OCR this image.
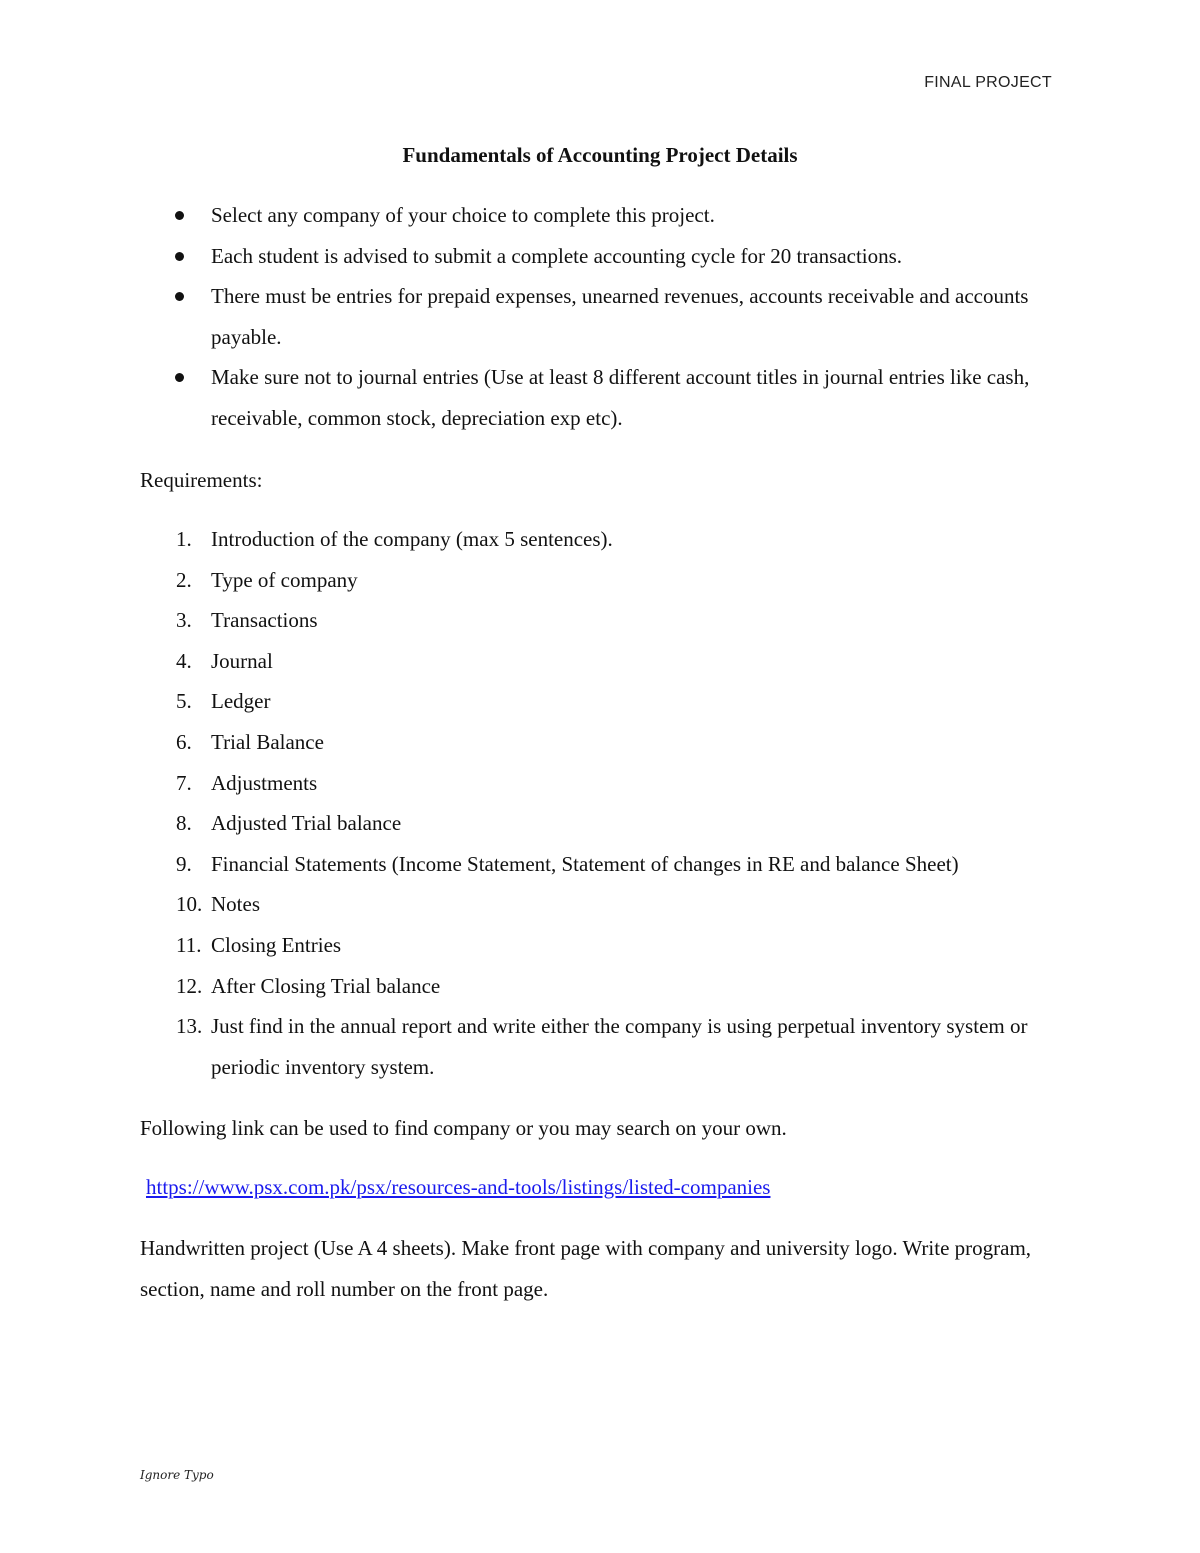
FINAL PROJECT
Fundamentals of Accounting Project Details
Select any company of your choice to complete this project.
Each student is advised to submit a complete accounting cycle for 20 transactions.
There must be entries for prepaid expenses, unearned revenues, accounts receivable and accounts payable.
Make sure not to journal entries (Use at least 8 different account titles in journal entries like cash, receivable, common stock, depreciation exp etc).

Requirements:

1. Introduction of the company (max 5 sentences).
2. Type of company
3. Transactions
4. Journal
5. Ledger
6. Trial Balance
7. Adjustments
8. Adjusted Trial balance
9. Financial Statements (Income Statement, Statement of changes in RE and balance Sheet)
10. Notes
11. Closing Entries
12. After Closing Trial balance
13. Just find in the annual report and write either the company is using perpetual inventory system or periodic inventory system.

Following link can be used to find company or you may search on your own.

https://www.psx.com.pk/psx/resources-and-tools/listings/listed-companies

Handwritten project (Use A 4 sheets). Make front page with company and university logo. Write program, section, name and roll number on the front page.

Ignore Typo
